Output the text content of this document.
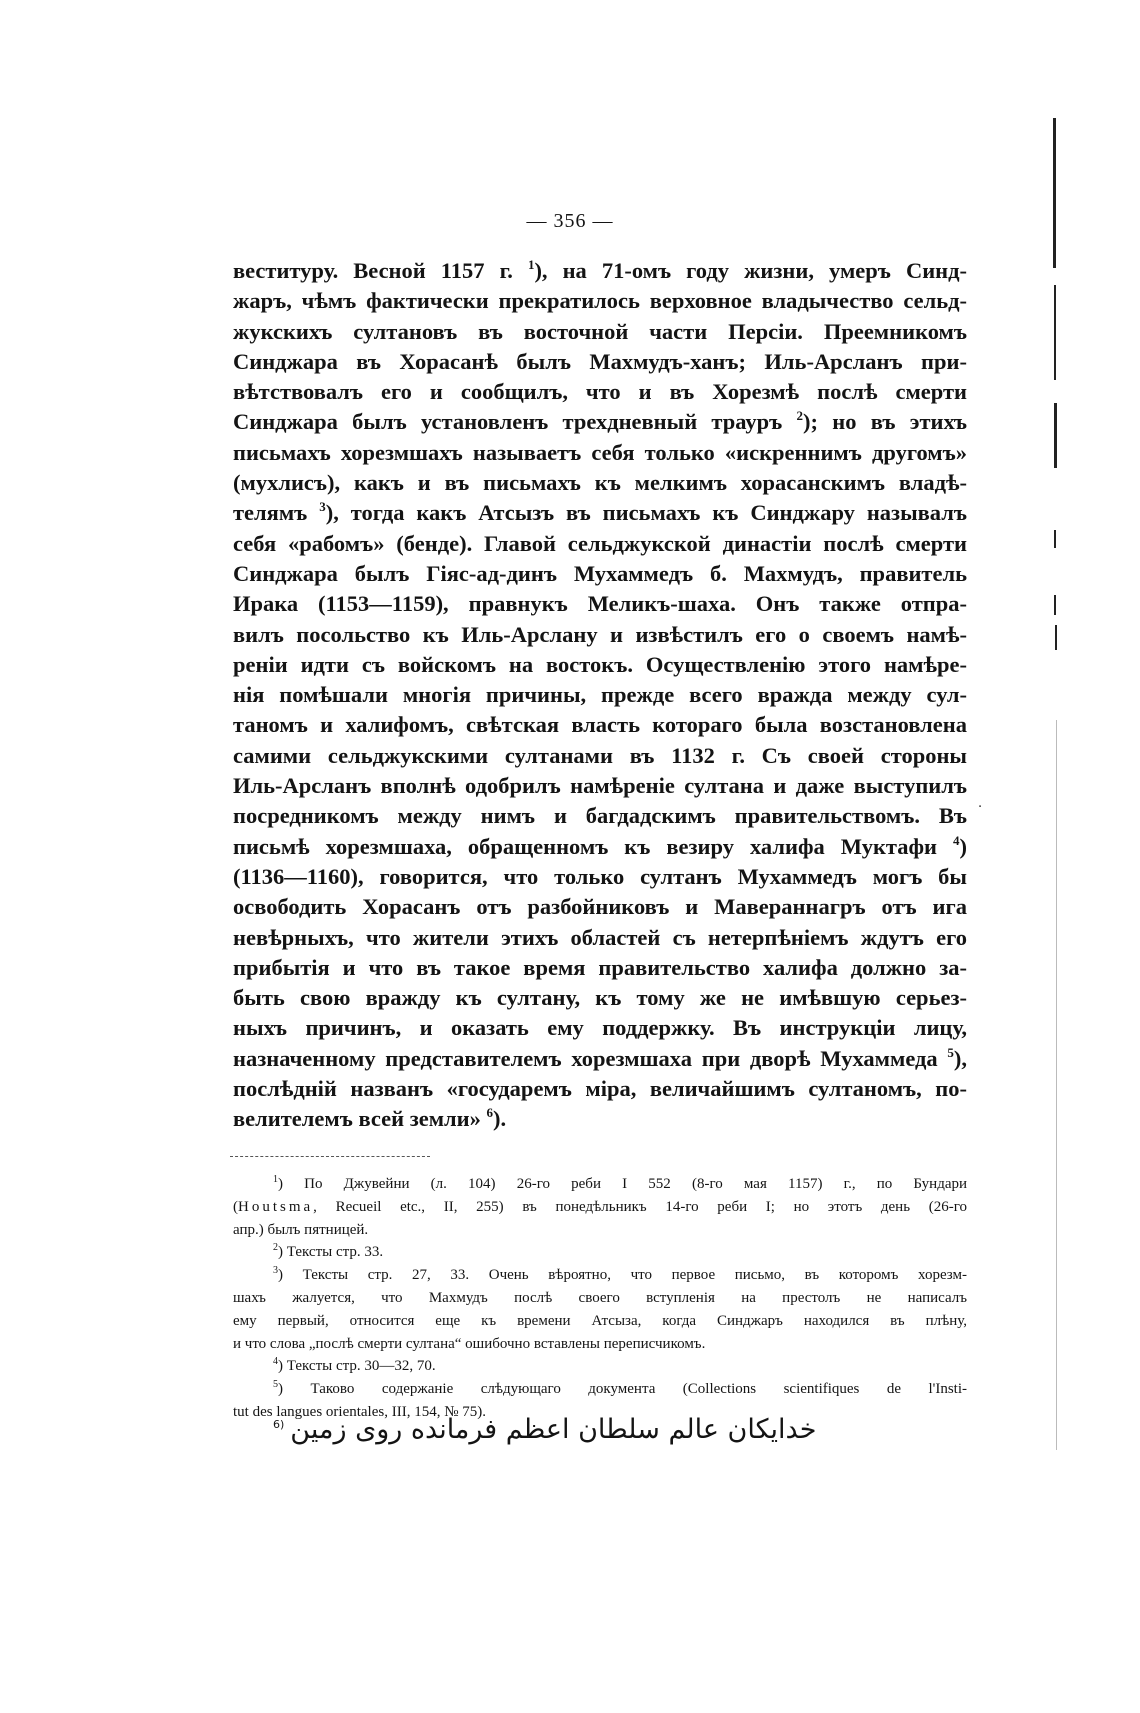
— 356 —
веституру. Весной 1157 г. $^1$), на 71-омъ году жизни, умеръ Синд-
жаръ, чѣмъ фактически прекратилось верховное владычество сельд-
жукскихъ султановъ въ восточной части Персіи. Преемникомъ
Синджара въ Хорасанѣ былъ Махмудъ-ханъ; Иль-Арсланъ при-
вѣтствовалъ его и сообщилъ, что и въ Хорезмѣ послѣ смерти
Синджара былъ установленъ трехдневный трауръ $^2$); но въ этихъ
письмахъ хорезмшахъ называетъ себя только «искреннимъ другомъ»
(мухлисъ), какъ и въ письмахъ къ мелкимъ хорасанскимъ владѣ-
телямъ $^3$), тогда какъ Атсызъ въ письмахъ къ Синджару называлъ
себя «рабомъ» (бенде). Главой сельджукской династіи послѣ смерти
Синджара былъ Гіяс-ад-динъ Мухаммедъ б. Махмудъ, правитель
Ирака (1153—1159), правнукъ Меликъ-шаха. Онъ также отпра-
вилъ посольство къ Иль-Арслану и извѣстилъ его о своемъ намѣ-
реніи идти съ войскомъ на востокъ. Осуществленію этого намѣре-
нія помѣшали многія причины, прежде всего вражда между сул-
таномъ и халифомъ, свѣтская власть котораго была возстановлена
самими сельджукскими султанами въ 1132 г. Съ своей стороны
Иль-Арсланъ вполнѣ одобрилъ намѣреніе султана и даже выступилъ
посредникомъ между нимъ и багдадскимъ правительствомъ. Въ
письмѣ хорезмшаха, обращенномъ къ везиру халифа Муктафи $^4$)
(1136—1160), говорится, что только султанъ Мухаммедъ могъ бы
освободить Хорасанъ отъ разбойниковъ и Мавераннагръ отъ ига
невѣрныхъ, что жители этихъ областей съ нетерпѣніемъ ждутъ его
прибытія и что въ такое время правительство халифа должно за-
быть свою вражду къ султану, къ тому же не имѣвшую серьез-
ныхъ причинъ, и оказать ему поддержку. Въ инструкціи лицу,
назначенному представителемъ хорезмшаха при дворѣ Мухаммеда $^5$),
послѣдній названъ «государемъ міра, величайшимъ султаномъ, по-
велителемъ всей земли» $^6$).
$^1$) По Джувейни (л. 104) 26-го реби I 552 (8-го мая 1157) г., по Бундари
(Houtsma, Recueil etc., II, 255) въ понедѣльникъ 14-го реби I; но этотъ день (26-го
апр.) былъ пятницей.
$^2$) Тексты стр. 33.
$^3$) Тексты стр. 27, 33. Очень вѣроятно, что первое письмо, въ которомъ хорезм-
шахъ жалуется, что Махмудъ послѣ своего вступленія на престолъ не написалъ
ему первый, относится еще къ времени Атсыза, когда Синджаръ находился въ плѣну,
и что слова „послѣ смерти султана“ ошибочно вставлены переписчикомъ.
$^4$) Тексты стр. 30—32, 70.
$^5$) Таково содержаніе слѣдующаго документа (Collections scientifiques de l'Insti-
tut des langues orientales, III, 154, № 75).
$^{6)}$ خدایکان عالم سلطان اعظم فرمانده روی زمین
·
